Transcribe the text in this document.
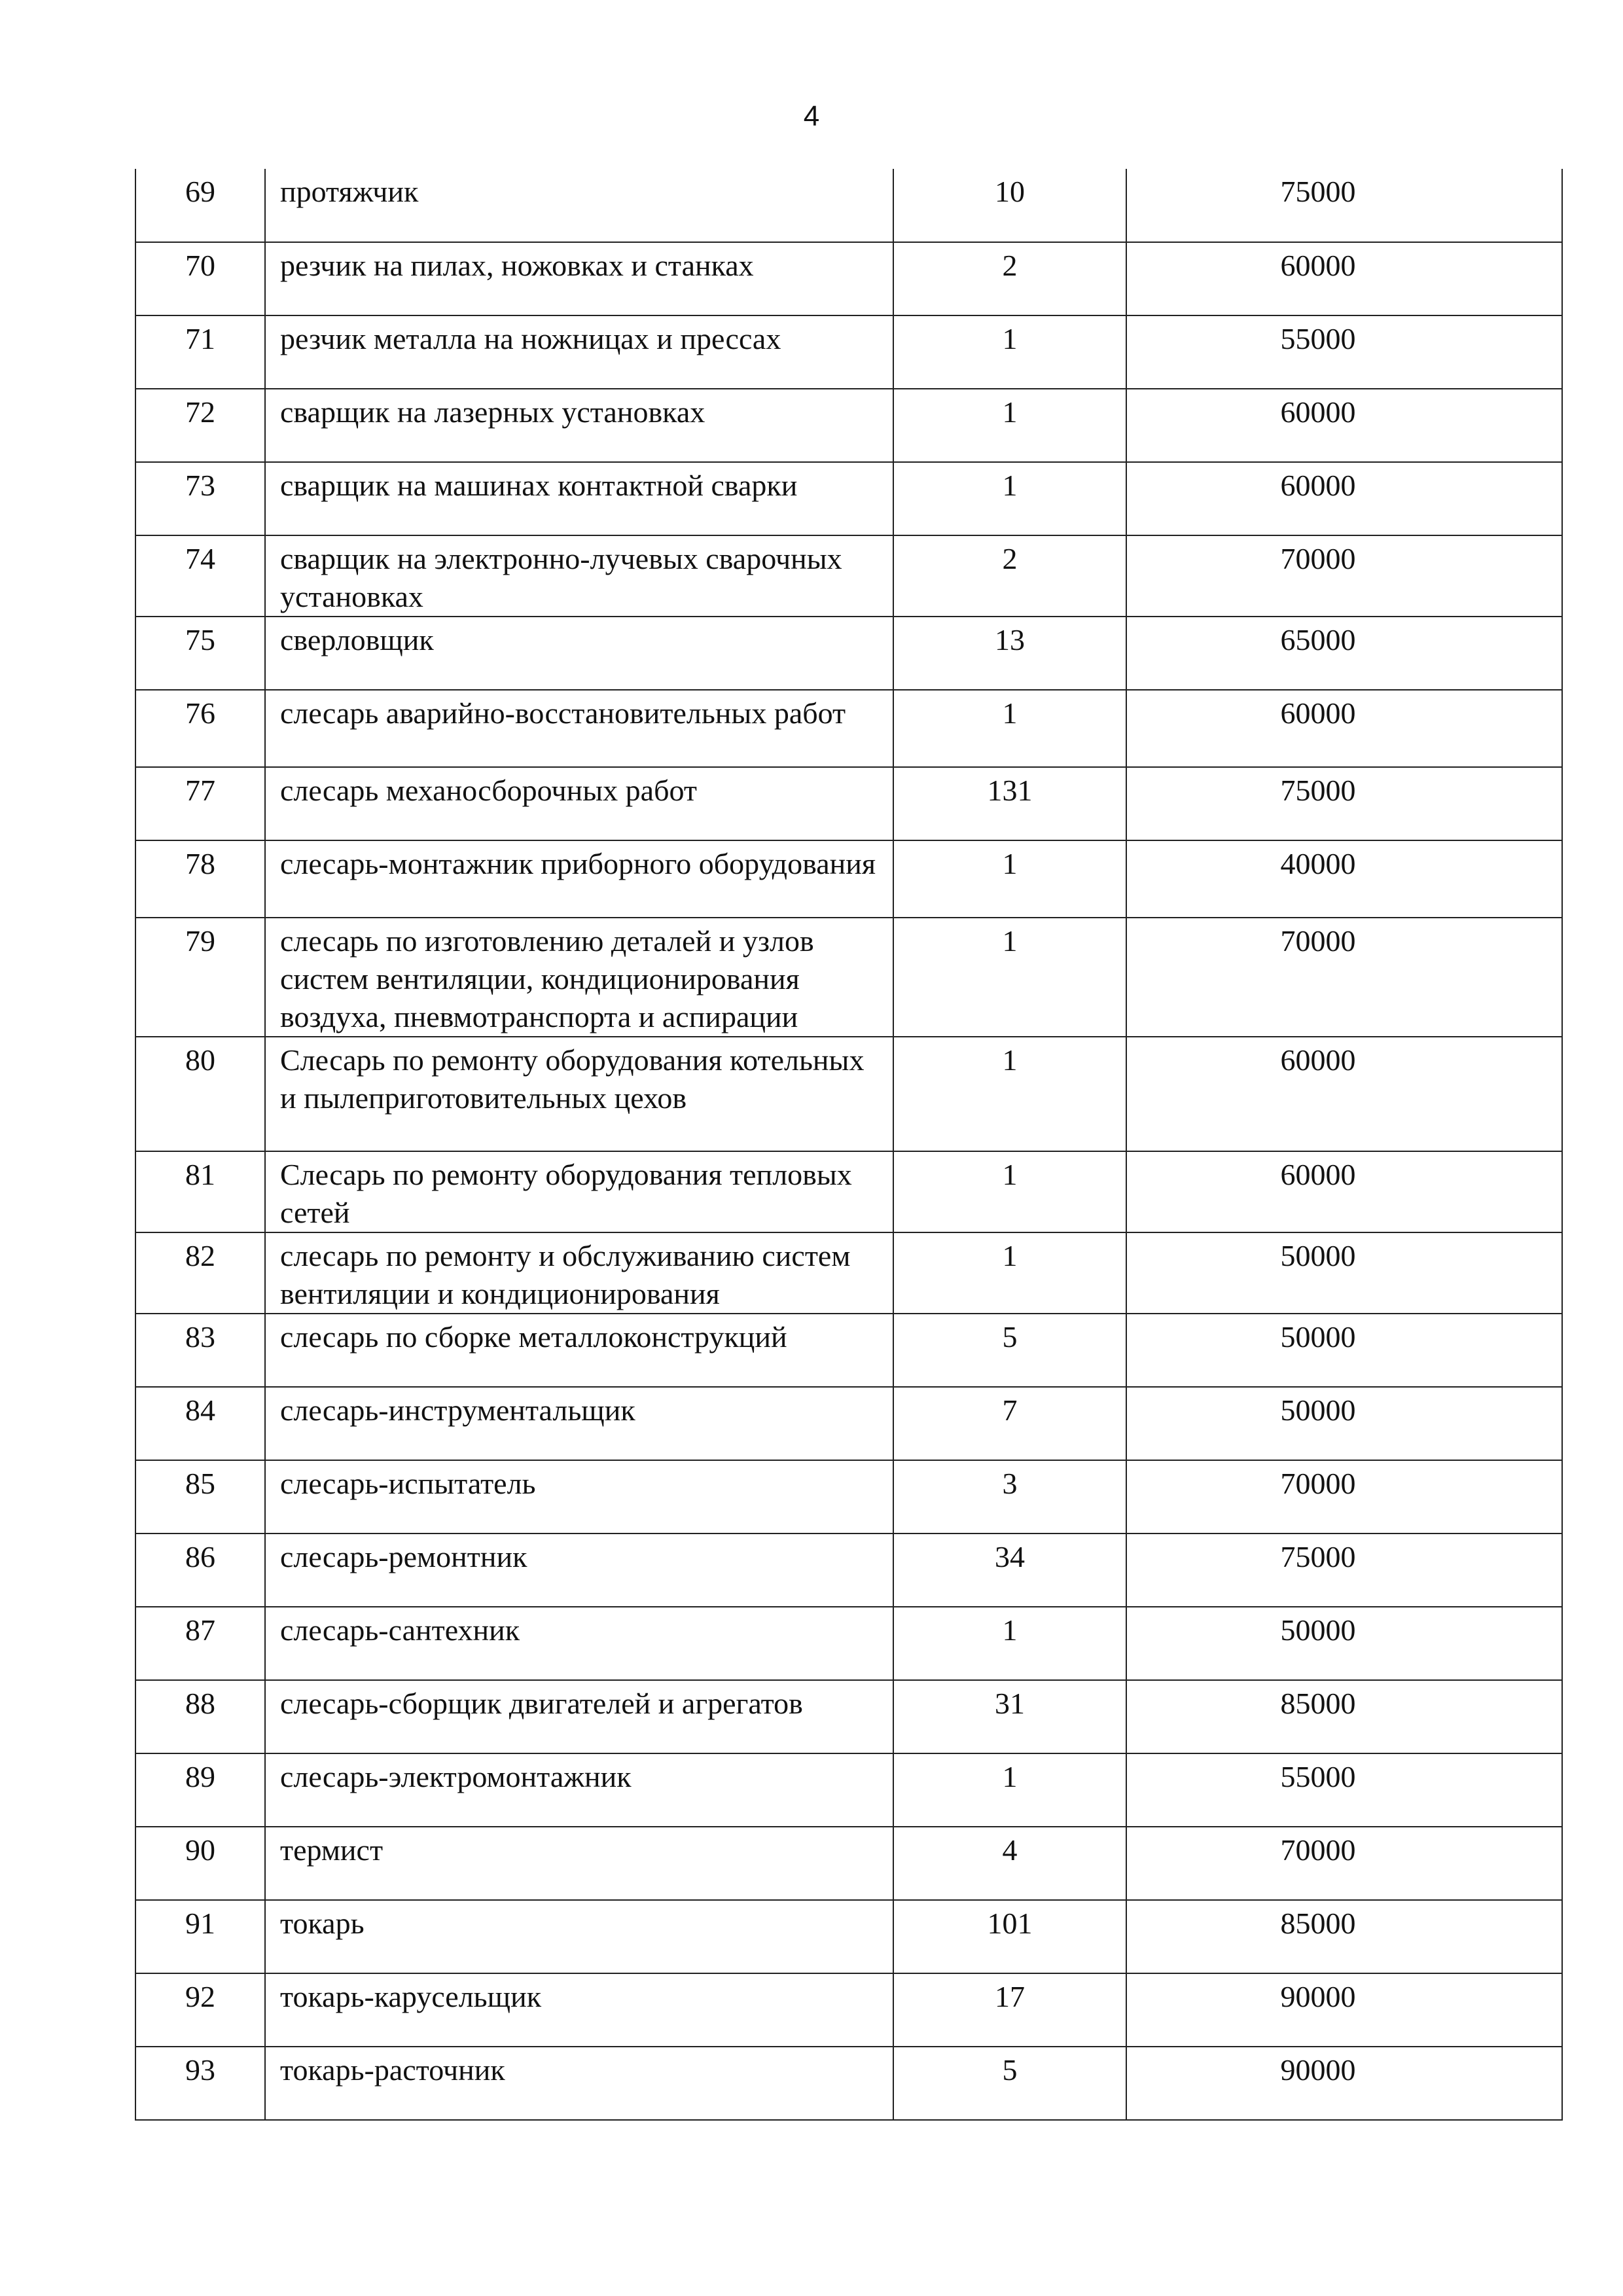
4
69	протяжчик	10	75000
70	резчик на пилах, ножовках и станках	2	60000
71	резчик металла на ножницах и прессах	1	55000
72	сварщик на лазерных установках	1	60000
73	сварщик на машинах контактной сварки	1	60000
74	сварщик на электронно-лучевых сварочных установках	2	70000
75	сверловщик	13	65000
76	слесарь аварийно-восстановительных работ	1	60000
77	слесарь механосборочных работ	131	75000
78	слесарь-монтажник приборного оборудования	1	40000
79	слесарь по изготовлению деталей и узлов систем вентиляции, кондиционирования воздуха, пневмотранспорта и аспирации	1	70000
80	Слесарь по ремонту оборудования котельных и пылеприготовительных цехов	1	60000
81	Слесарь по ремонту оборудования тепловых сетей	1	60000
82	слесарь по ремонту и обслуживанию систем вентиляции и кондиционирования	1	50000
83	слесарь по сборке металлоконструкций	5	50000
84	слесарь-инструментальщик	7	50000
85	слесарь-испытатель	3	70000
86	слесарь-ремонтник	34	75000
87	слесарь-сантехник	1	50000
88	слесарь-сборщик двигателей и агрегатов	31	85000
89	слесарь-электромонтажник	1	55000
90	термист	4	70000
91	токарь	101	85000
92	токарь-карусельщик	17	90000
93	токарь-расточник	5	90000
